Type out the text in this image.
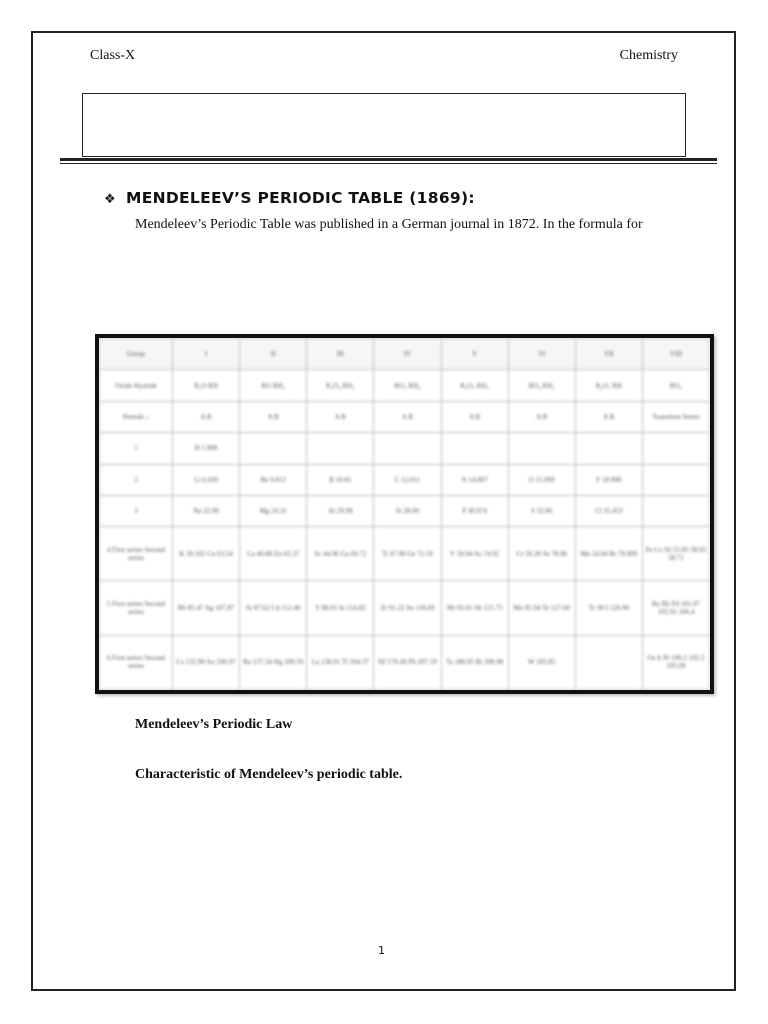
Class-X	Chemistry
❖ MENDELEEV’S PERIODIC TABLE (1869):
Mendeleev’s Periodic Table was published in a German journal in 1872. In the formula for
Group	I	II	III	IV	V	VI	VII	VIII
Oxide Hydride	R₂O RH	RO RH₂	R₂O₃ RH₃	RO₂ RH₄	R₂O₅ RH₃	RO₃ RH₂	R₂O₇ RH	RO₄
Periods ↓	A B	A B	A B	A B	A B	A B	A B	Transition Series
1	H 1.008							
2	Li 6.939	Be 9.012	B 10.81	C 12.011	N 14.007	O 15.999	F 18.998	
3	Na 22.99	Mg 24.31	Al 29.98	Si 28.09	P 30.974	S 32.06	Cl 35.453	
4 First series Second series	K 39.102 Cu 63.54	Ca 40.08 Zn 65.37	Sc 44.96 Ga 69.72	Ti 47.90 Ge 72.59	V 50.94 As 74.92	Cr 50.20 Se 78.96	Mn 54.94 Br 79.909	Fe Co Ni 55.85 58.93 58.71
5 First series Second series	Rb 85.47 Ag 107.87	Sr 87.62 Cd 112.40	Y 88.91 In 114.82	Zr 91.22 Sn 118.69	Nb 92.91 Sb 121.75	Mo 95.94 Te 127.60	Tc 99 I 126.90	Ru Rh Pd 101.07 102.91 106.4
6 First series Second series	Cs 132.90 Au 196.97	Ba 137.34 Hg 200.59	La 138.91 Tl 204.37	Hf 178.49 Pb 207.19	Ta 180.95 Bi 208.98	W 183.85		Os Ir Pt 190.2 192.2 195.09
Mendeleev’s Periodic Law
Characteristic of Mendeleev’s periodic table.
1
